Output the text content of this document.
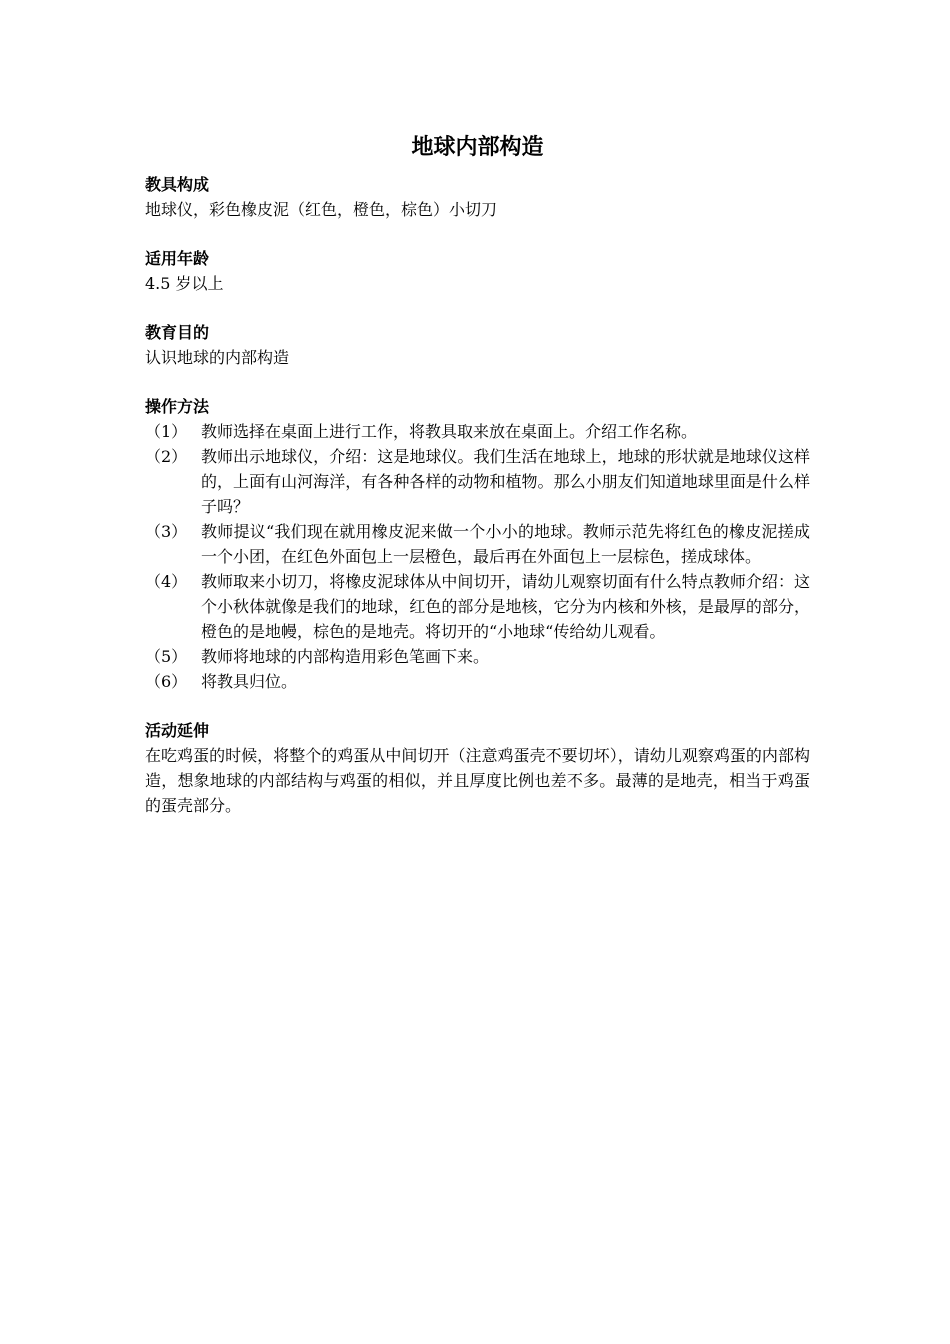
地球内部构造
教具构成
地球仪，彩色橡皮泥（红色，橙色，棕色）小切刀
适用年龄
4.5 岁以上
教育目的
认识地球的内部构造
操作方法
（1） 教师选择在桌面上进行工作，将教具取来放在桌面上。介绍工作名称。
（2） 教师出示地球仪，介绍：这是地球仪。我们生活在地球上，地球的形状就是地球仪这样的，上面有山河海洋，有各种各样的动物和植物。那么小朋友们知道地球里面是什么样子吗？
（3） 教师提议“我们现在就用橡皮泥来做一个小小的地球。教师示范先将红色的橡皮泥搓成一个小团，在红色外面包上一层橙色，最后再在外面包上一层棕色，搓成球体。
（4） 教师取来小切刀，将橡皮泥球体从中间切开，请幼儿观察切面有什么特点教师介绍：这个小秋体就像是我们的地球，红色的部分是地核，它分为内核和外核，是最厚的部分，橙色的是地幔，棕色的是地壳。将切开的“小地球“传给幼儿观看。
（5） 教师将地球的内部构造用彩色笔画下来。
（6） 将教具归位。
活动延伸
在吃鸡蛋的时候，将整个的鸡蛋从中间切开（注意鸡蛋壳不要切坏），请幼儿观察鸡蛋的内部构造，想象地球的内部结构与鸡蛋的相似，并且厚度比例也差不多。最薄的是地壳，相当于鸡蛋的蛋壳部分。
